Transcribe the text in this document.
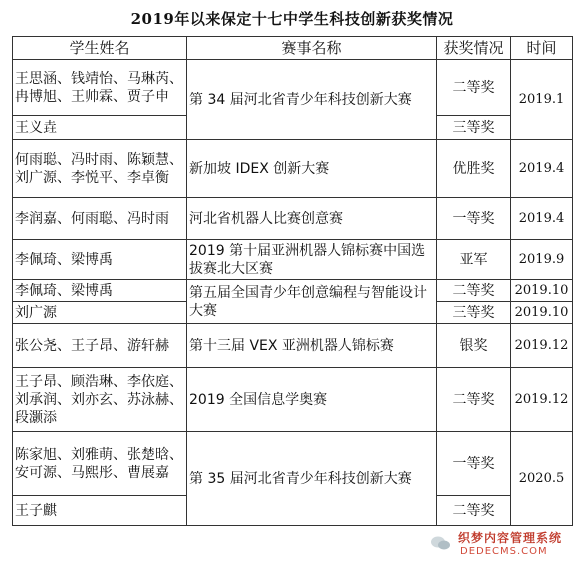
2019年以来保定十七中学生科技创新获奖情况
学生姓名	赛事名称	获奖情况	时间
王思涵、钱靖怡、马琳芮、冉博旭、王帅霖、贾子申	第 34 届河北省青少年科技创新大赛	二等奖	2019.1
王义垚		三等奖	
何雨聪、冯时雨、陈颖慧、刘广源、李悦平、李卓衡	新加坡 IDEX 创新大赛	优胜奖	2019.4
李润嘉、何雨聪、冯时雨	河北省机器人比赛创意赛	一等奖	2019.4
李佩琦、梁博禹	2019 第十届亚洲机器人锦标赛中国选拔赛北大区赛	亚军	2019.9
李佩琦、梁博禹	第五届全国青少年创意编程与智能设计大赛	二等奖	2019.10
刘广源		三等奖	2019.10
张公尧、王子昂、游轩赫	第十三届 VEX 亚洲机器人锦标赛	银奖	2019.12
王子昂、顾浩琳、李依庭、刘承润、刘亦玄、苏泳赫、段灏添	2019 全国信息学奥赛	二等奖	2019.12
陈家旭、刘雅萌、张楚晗、安可源、马熙彤、曹展嘉	第 35 届河北省青少年科技创新大赛	一等奖	2020.5
王子麒		二等奖	
织梦内容管理系统
DEDECMS.COM
